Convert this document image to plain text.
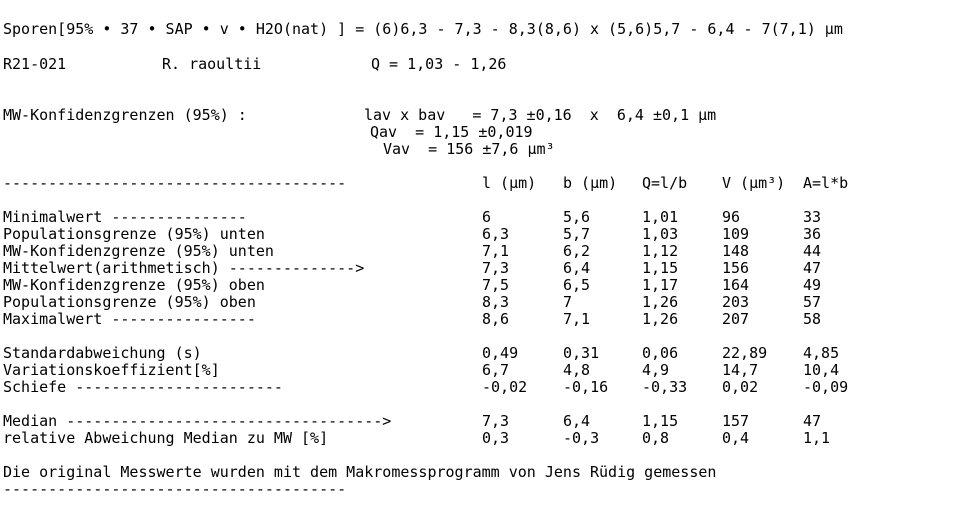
Sporen[95% • 37 • SAP • v • H2O(nat) ] = (6)6,3 - 7,3 - 8,3(8,6) x (5,6)5,7 - 6,4 - 7(7,1) µm
R21-021	R. raoultii	Q = 1,03 - 1,26
MW-Konfidenzgrenzen (95%) :	lav x bav   = 7,3 ±0,16  x  6,4 ±0,1 µm
Qav  = 1,15 ±0,019
Vav  = 156 ±7,6 µm³
--------------------------------------	l (µm) b (µm) Q=l/b V (µm³) A=l*b
Minimalwert ---------------	6	5,6	1,01	96	33
Populationsgrenze (95%) unten	6,3	5,7	1,03	109	36
MW-Konfidenzgrenze (95%) unten	7,1	6,2	1,12	148	44
Mittelwert(arithmetisch) -------------->	7,3	6,4	1,15	156	47
MW-Konfidenzgrenze (95%) oben	7,5	6,5	1,17	164	49
Populationsgrenze (95%) oben	8,3	7	1,26	203	57
Maximalwert ----------------	8,6	7,1	1,26	207	58
Standardabweichung (s)	0,49	0,31	0,06	22,89 4,85
Variationskoeffizient[%]	6,7	4,8	4,9	14,7	10,4
Schiefe -----------------------	-0,02 -0,16 -0,33 0,02	-0,09
Median ----------------------------------->	7,3	6,4	1,15	157	47
relative Abweichung Median zu MW [%]	0,3	-0,3	0,8	0,4	1,1
Die original Messwerte wurden mit dem Makromessprogramm von Jens Rüdig gemessen
--------------------------------------
